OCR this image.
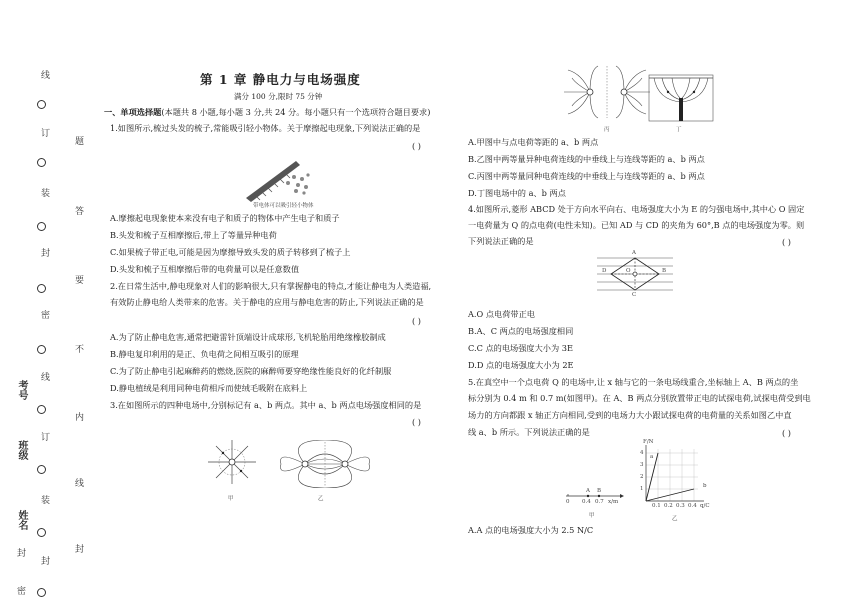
线
订
装
封
密
线
订
装
封
题
答
要
不
内
线
封
考号
班级
姓名
封
密
第 1 章 静电力与电场强度
满分 100 分,限时 75 分钟
一、单项选择题(本题共 8 小题,每小题 3 分,共 24 分。每小题只有一个选项符合题目要求)
1.如图所示,梳过头发的梳子,常能吸引轻小物体。关于摩擦起电现象,下列说法正确的是
( )
带电体可以吸引轻小物体
A.摩擦起电现象使本来没有电子和质子的物体中产生电子和质子
B.头发和梳子互相摩擦后,带上了等量异种电荷
C.如果梳子带正电,可能是因为摩擦导致头发的质子转移到了梳子上
D.头发和梳子互相摩擦后带的电荷量可以是任意数值
2.在日常生活中,静电现象对人们的影响很大,只有掌握静电的特点,才能让静电为人类造福,
有效防止静电给人类带来的危害。关于静电的应用与静电危害的防止,下列说法正确的是
( )
A.为了防止静电危害,通常把避雷针顶端设计成球形,飞机轮胎用绝缘橡胶制成
B.静电复印利用的是正、负电荷之间相互吸引的原理
C.为了防止静电引起麻醉药的燃烧,医院的麻醉师要穿绝缘性能良好的化纤制服
D.静电植绒是利用同种电荷相斥而使绒毛吸附在底料上
3.在如图所示的四种电场中,分别标记有 a、b 两点。其中 a、b 两点电场强度相同的是
( )
甲	乙
丙	丁
A.甲图中与点电荷等距的 a、b 两点
B.乙图中两等量异种电荷连线的中垂线上与连线等距的 a、b 两点
C.丙图中两等量同种电荷连线的中垂线上与连线等距的 a、b 两点
D.丁图电场中的 a、b 两点
4.如图所示,菱形 ABCD 处于方向水平向右、电场强度大小为 E 的匀强电场中,其中心 O 固定
一电荷量为 Q 的点电荷(电性未知)。已知 AD 与 CD 的夹角为 60°,B 点的电场强度为零。则
下列说法正确的是	( )
A
B
C
D	O
A.O 点电荷带正电
B.A、C 两点的电场强度相同
C.C 点的电场强度大小为 3E
D.D 点的电场强度大小为 2E
5.在真空中一个点电荷 Q 的电场中,让 x 轴与它的一条电场线重合,坐标轴上 A、B 两点的坐
标分别为 0.4 m 和 0.7 m(如图甲)。在 A、B 两点分别放置带正电的试探电荷,试探电荷受到电
场力的方向都跟 x 轴正方向相同,受到的电场力大小跟试探电荷的电荷量的关系如图乙中直
线 a、b 所示。下列说法正确的是	( )
A B
0 0.4 0.7 x/m
甲
F/N
4
3
2
1
a
b
0.1 0.2 0.3 0.4 q/C
乙
A.A 点的电场强度大小为 2.5 N/C
